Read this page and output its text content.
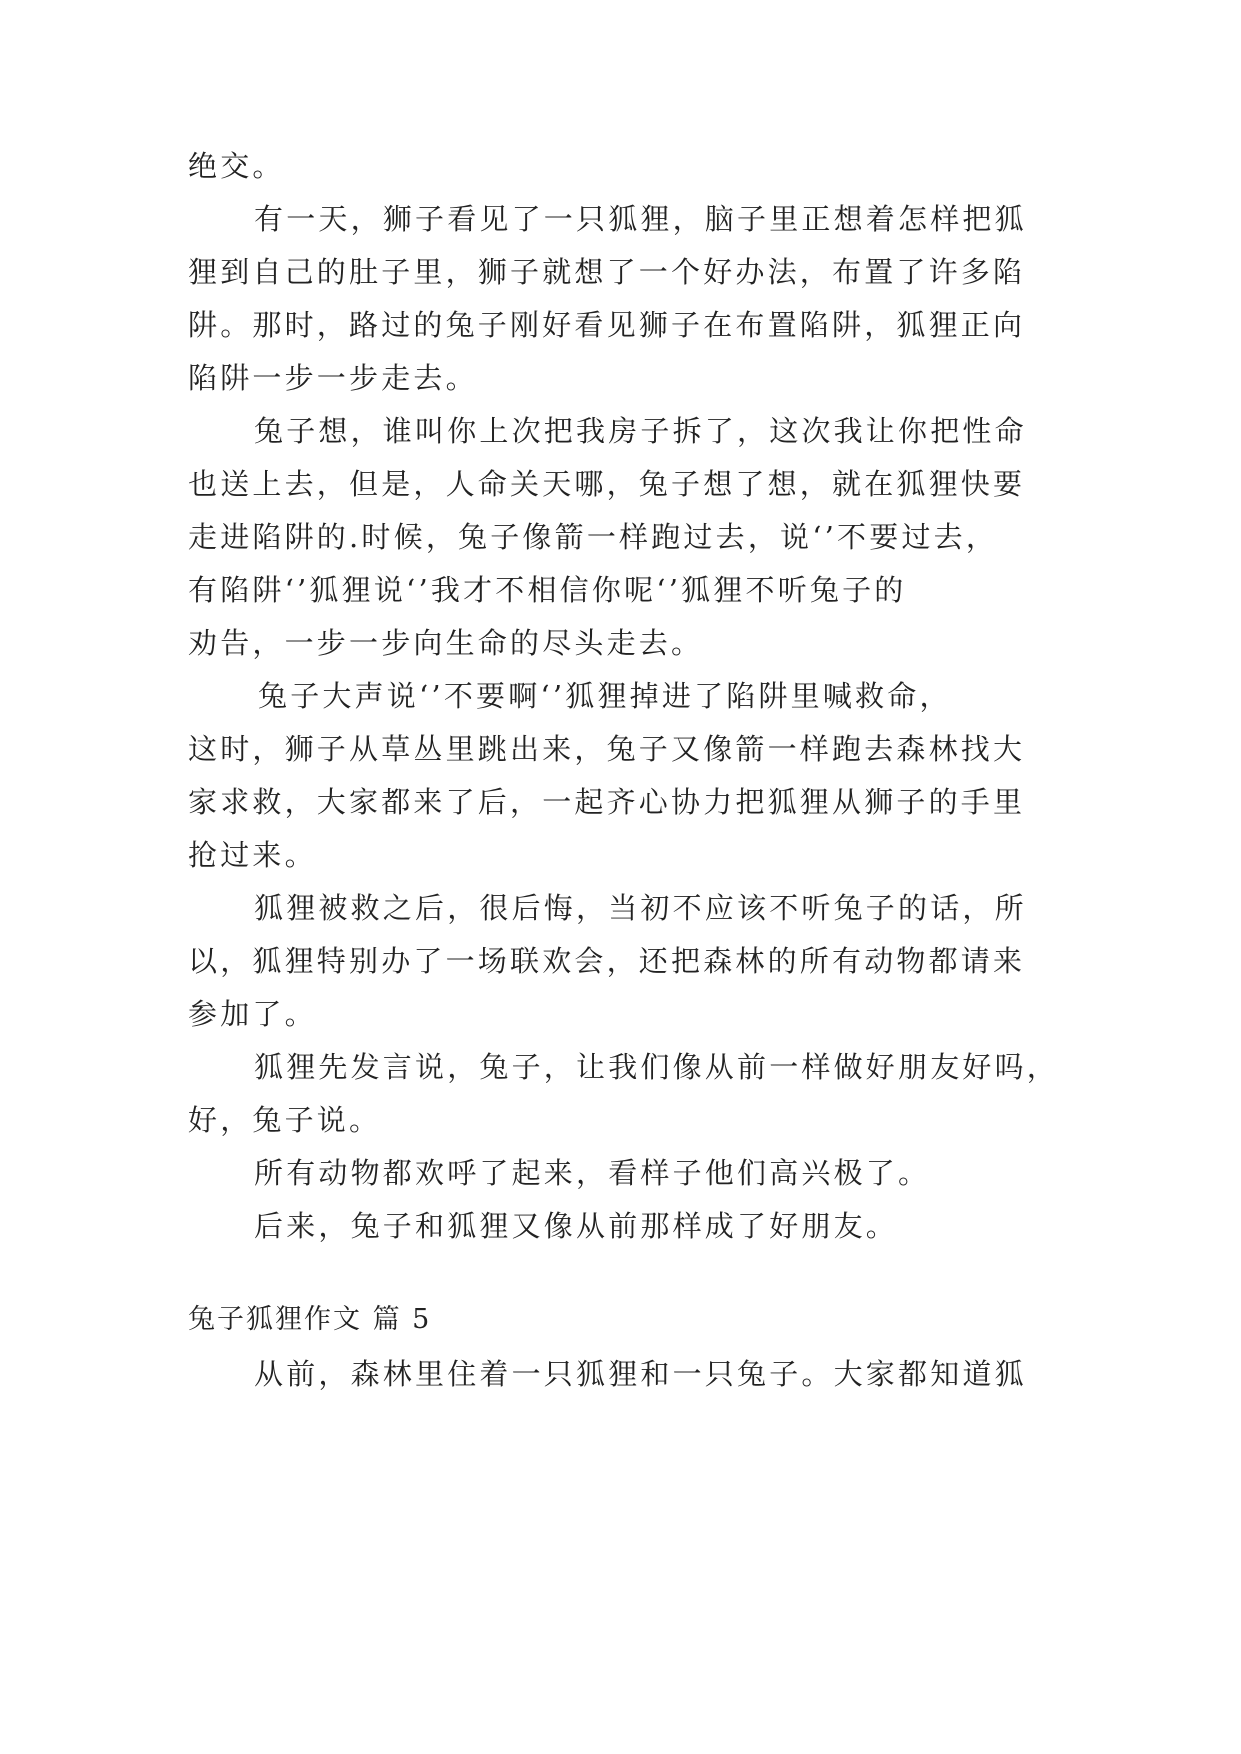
绝交。
有一天，狮子看见了一只狐狸，脑子里正想着怎样把狐
狸到自己的肚子里，狮子就想了一个好办法，布置了许多陷
阱。那时，路过的兔子刚好看见狮子在布置陷阱，狐狸正向
陷阱一步一步走去。
兔子想，谁叫你上次把我房子拆了，这次我让你把性命
也送上去，但是，人命关天哪，兔子想了想，就在狐狸快要
走进陷阱的.时候，兔子像箭一样跑过去，说‘’不要过去，
有陷阱‘’狐狸说‘’我才不相信你呢‘’狐狸不听兔子的
劝告，一步一步向生命的尽头走去。
兔子大声说‘’不要啊‘’狐狸掉进了陷阱里喊救命，
这时，狮子从草丛里跳出来，兔子又像箭一样跑去森林找大
家求救，大家都来了后，一起齐心协力把狐狸从狮子的手里
抢过来。
狐狸被救之后，很后悔，当初不应该不听兔子的话，所
以，狐狸特别办了一场联欢会，还把森林的所有动物都请来
参加了。
狐狸先发言说，兔子，让我们像从前一样做好朋友好吗，
好，兔子说。
所有动物都欢呼了起来，看样子他们高兴极了。
后来，兔子和狐狸又像从前那样成了好朋友。
兔子狐狸作文 篇 5
从前，森林里住着一只狐狸和一只兔子。大家都知道狐
